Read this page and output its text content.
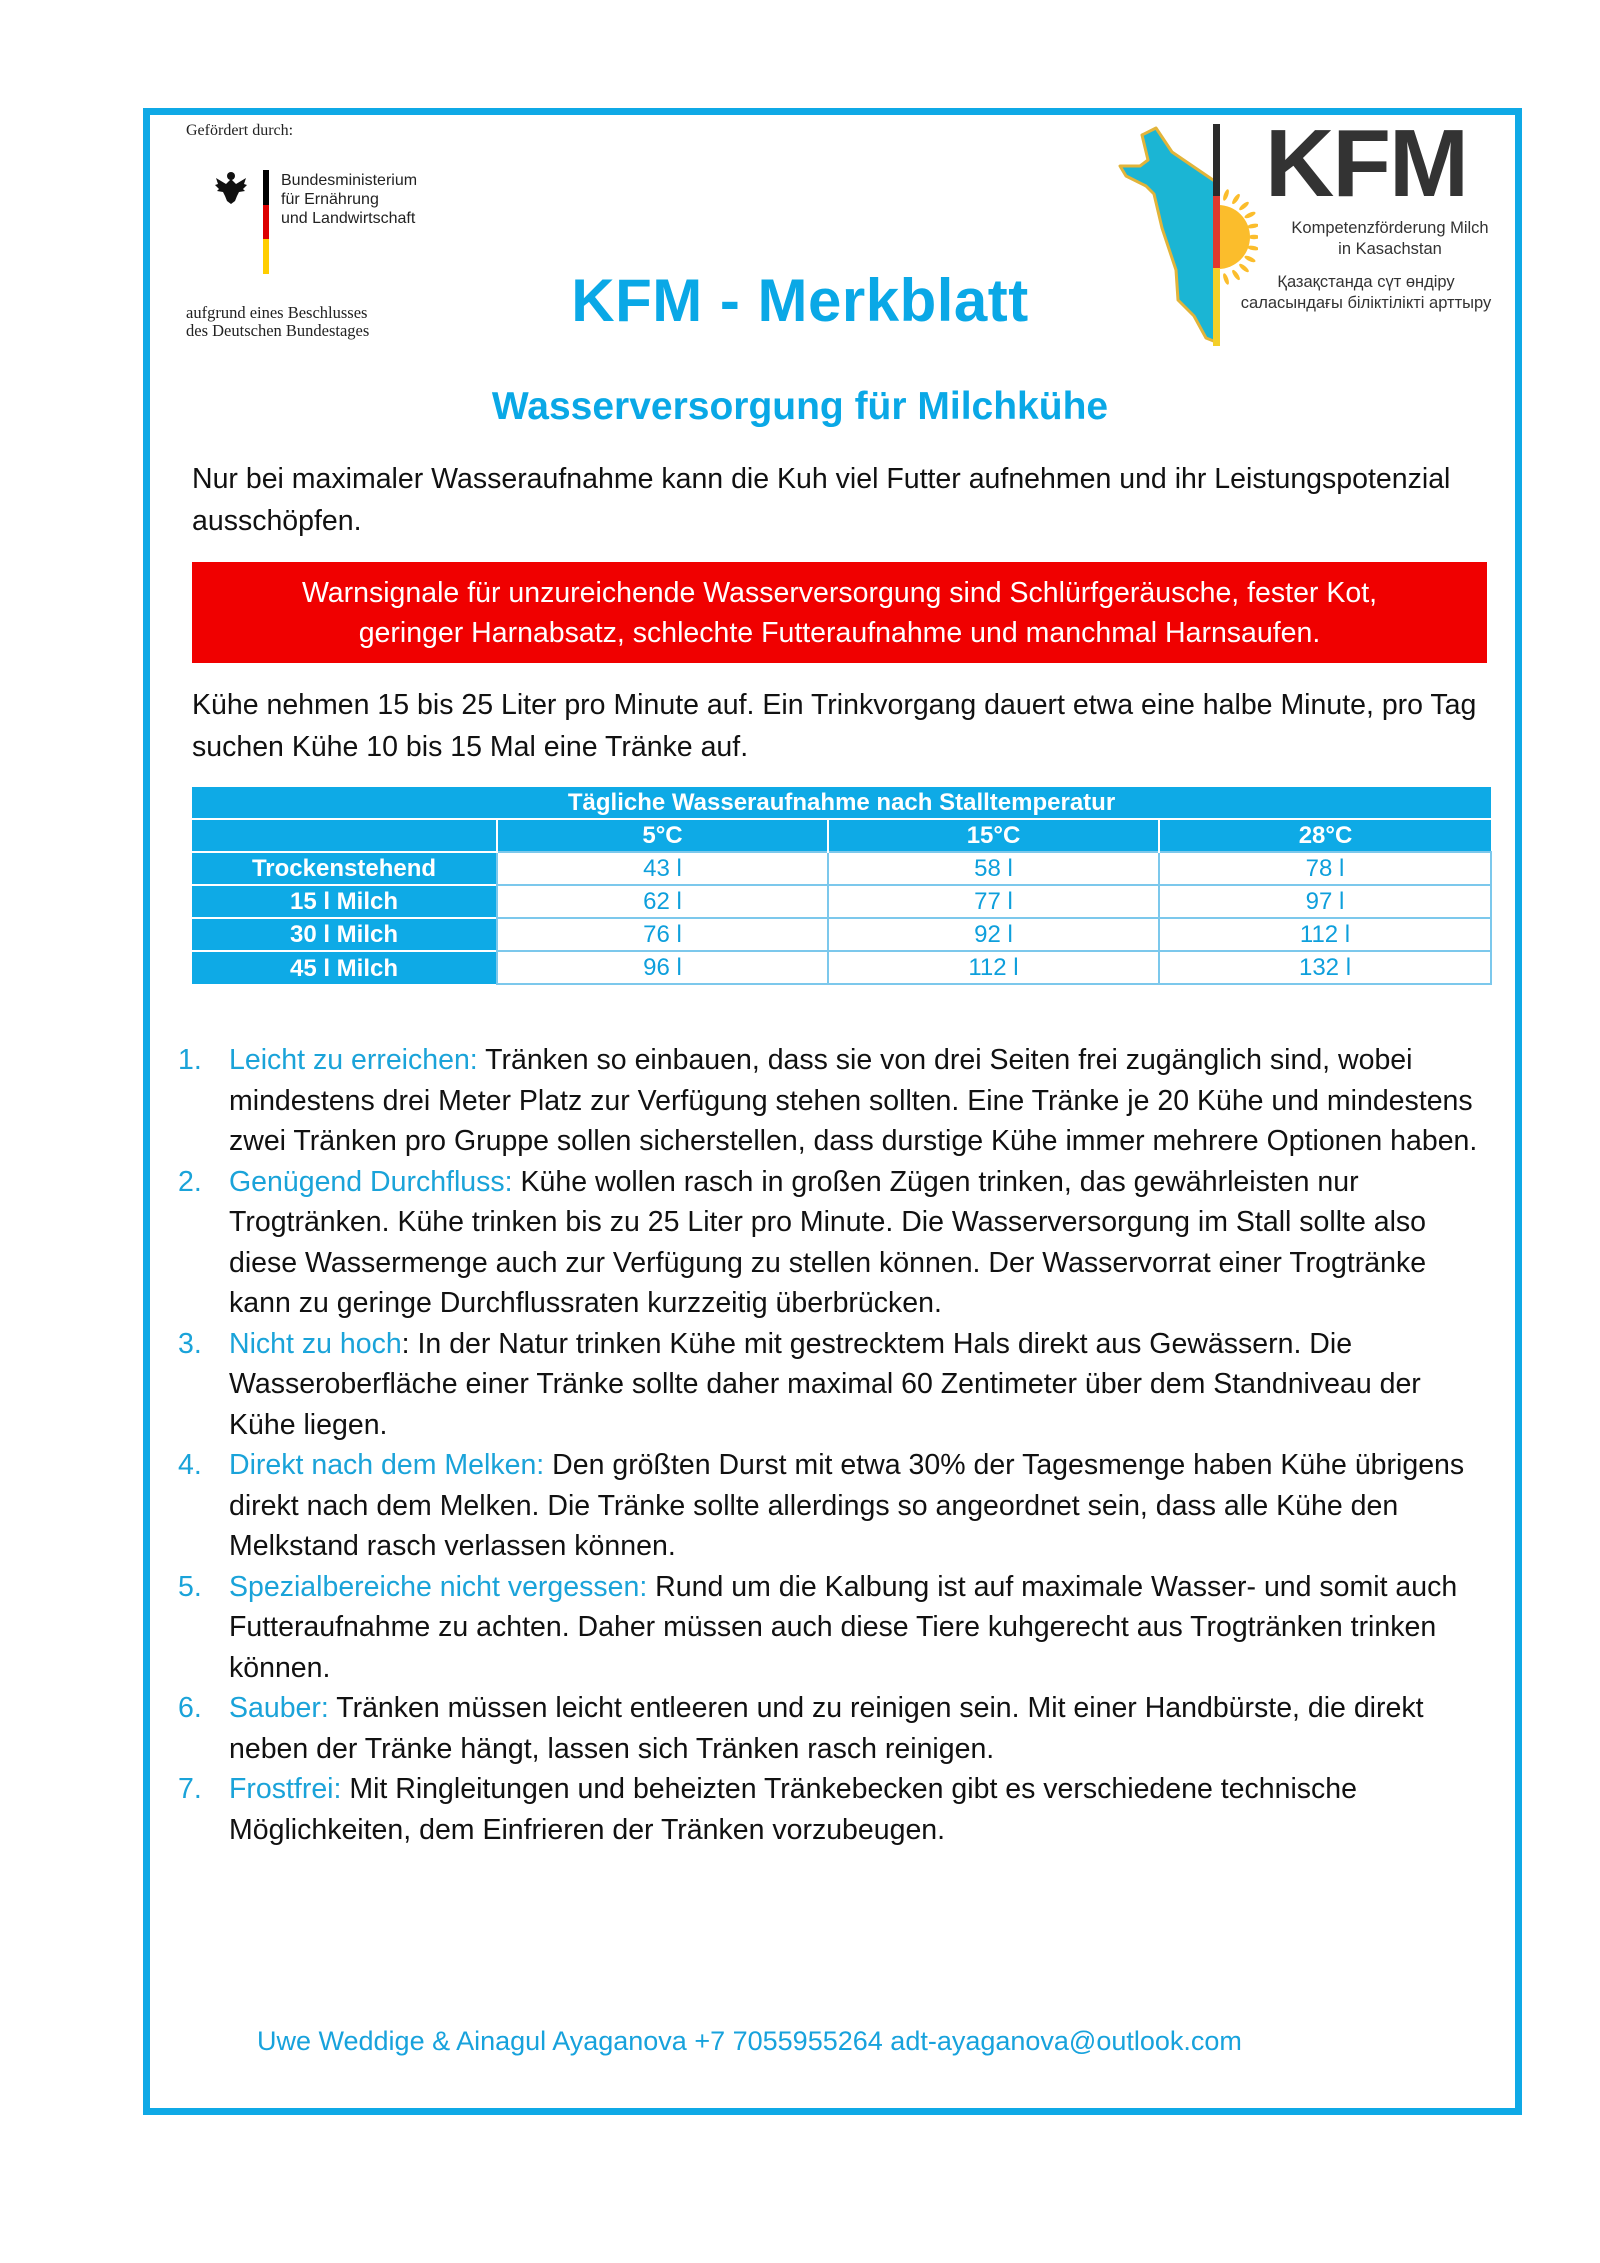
Gefördert durch:
Bundesministerium
für Ernährung
und Landwirtschaft
aufgrund eines Beschlusses
des Deutschen Bundestages
KFM
Kompetenzförderung Milch
in Kasachstan
Қазақстанда сүт өндіру
саласындағы біліктілікті арттыру
KFM - Merkblatt
Wasserversorgung für Milchkühe
Nur bei maximaler Wasseraufnahme kann die Kuh viel Futter aufnehmen und ihr Leistungspotenzial ausschöpfen.
Warnsignale für unzureichende Wasserversorgung sind Schlürfgeräusche, fester Kot,
geringer Harnabsatz, schlechte Futteraufnahme und manchmal Harnsaufen.
Kühe nehmen 15 bis 25 Liter pro Minute auf. Ein Trinkvorgang dauert etwa eine halbe Minute, pro Tag suchen Kühe 10 bis 15 Mal eine Tränke auf.
Tägliche Wasseraufnahme nach Stalltemperatur			
	5°C	15°C	28°C
Trockenstehend	43 l	58 l	78 l
15 l Milch	62 l	77 l	97 l
30 l Milch	76 l	92 l	112 l
45 l Milch	96 l	112 l	132 l
1. Leicht zu erreichen: Tränken so einbauen, dass sie von drei Seiten frei zugänglich sind, wobei mindestens drei Meter Platz zur Verfügung stehen sollten. Eine Tränke je 20 Kühe und mindestens zwei Tränken pro Gruppe sollen sicherstellen, dass durstige Kühe immer mehrere Optionen haben.
2. Genügend Durchfluss: Kühe wollen rasch in großen Zügen trinken, das gewährleisten nur Trogtränken. Kühe trinken bis zu 25 Liter pro Minute. Die Wasserversorgung im Stall sollte also diese Wassermenge auch zur Verfügung zu stellen können. Der Wasservorrat einer Trogtränke kann zu geringe Durchflussraten kurzzeitig überbrücken.
3. Nicht zu hoch: In der Natur trinken Kühe mit gestrecktem Hals direkt aus Gewässern. Die Wasseroberfläche einer Tränke sollte daher maximal 60 Zentimeter über dem Standniveau der Kühe liegen.
4. Direkt nach dem Melken: Den größten Durst mit etwa 30% der Tagesmenge haben Kühe übrigens direkt nach dem Melken. Die Tränke sollte allerdings so angeordnet sein, dass alle Kühe den Melkstand rasch verlassen können.
5. Spezialbereiche nicht vergessen: Rund um die Kalbung ist auf maximale Wasser- und somit auch Futteraufnahme zu achten. Daher müssen auch diese Tiere kuhgerecht aus Trogtränken trinken können.
6. Sauber: Tränken müssen leicht entleeren und zu reinigen sein. Mit einer Handbürste, die direkt neben der Tränke hängt, lassen sich Tränken rasch reinigen.
7. Frostfrei: Mit Ringleitungen und beheizten Tränkebecken gibt es verschiedene technische Möglichkeiten, dem Einfrieren der Tränken vorzubeugen.
Uwe Weddige & Ainagul Ayaganova +7 7055955264 adt-ayaganova@outlook.com
